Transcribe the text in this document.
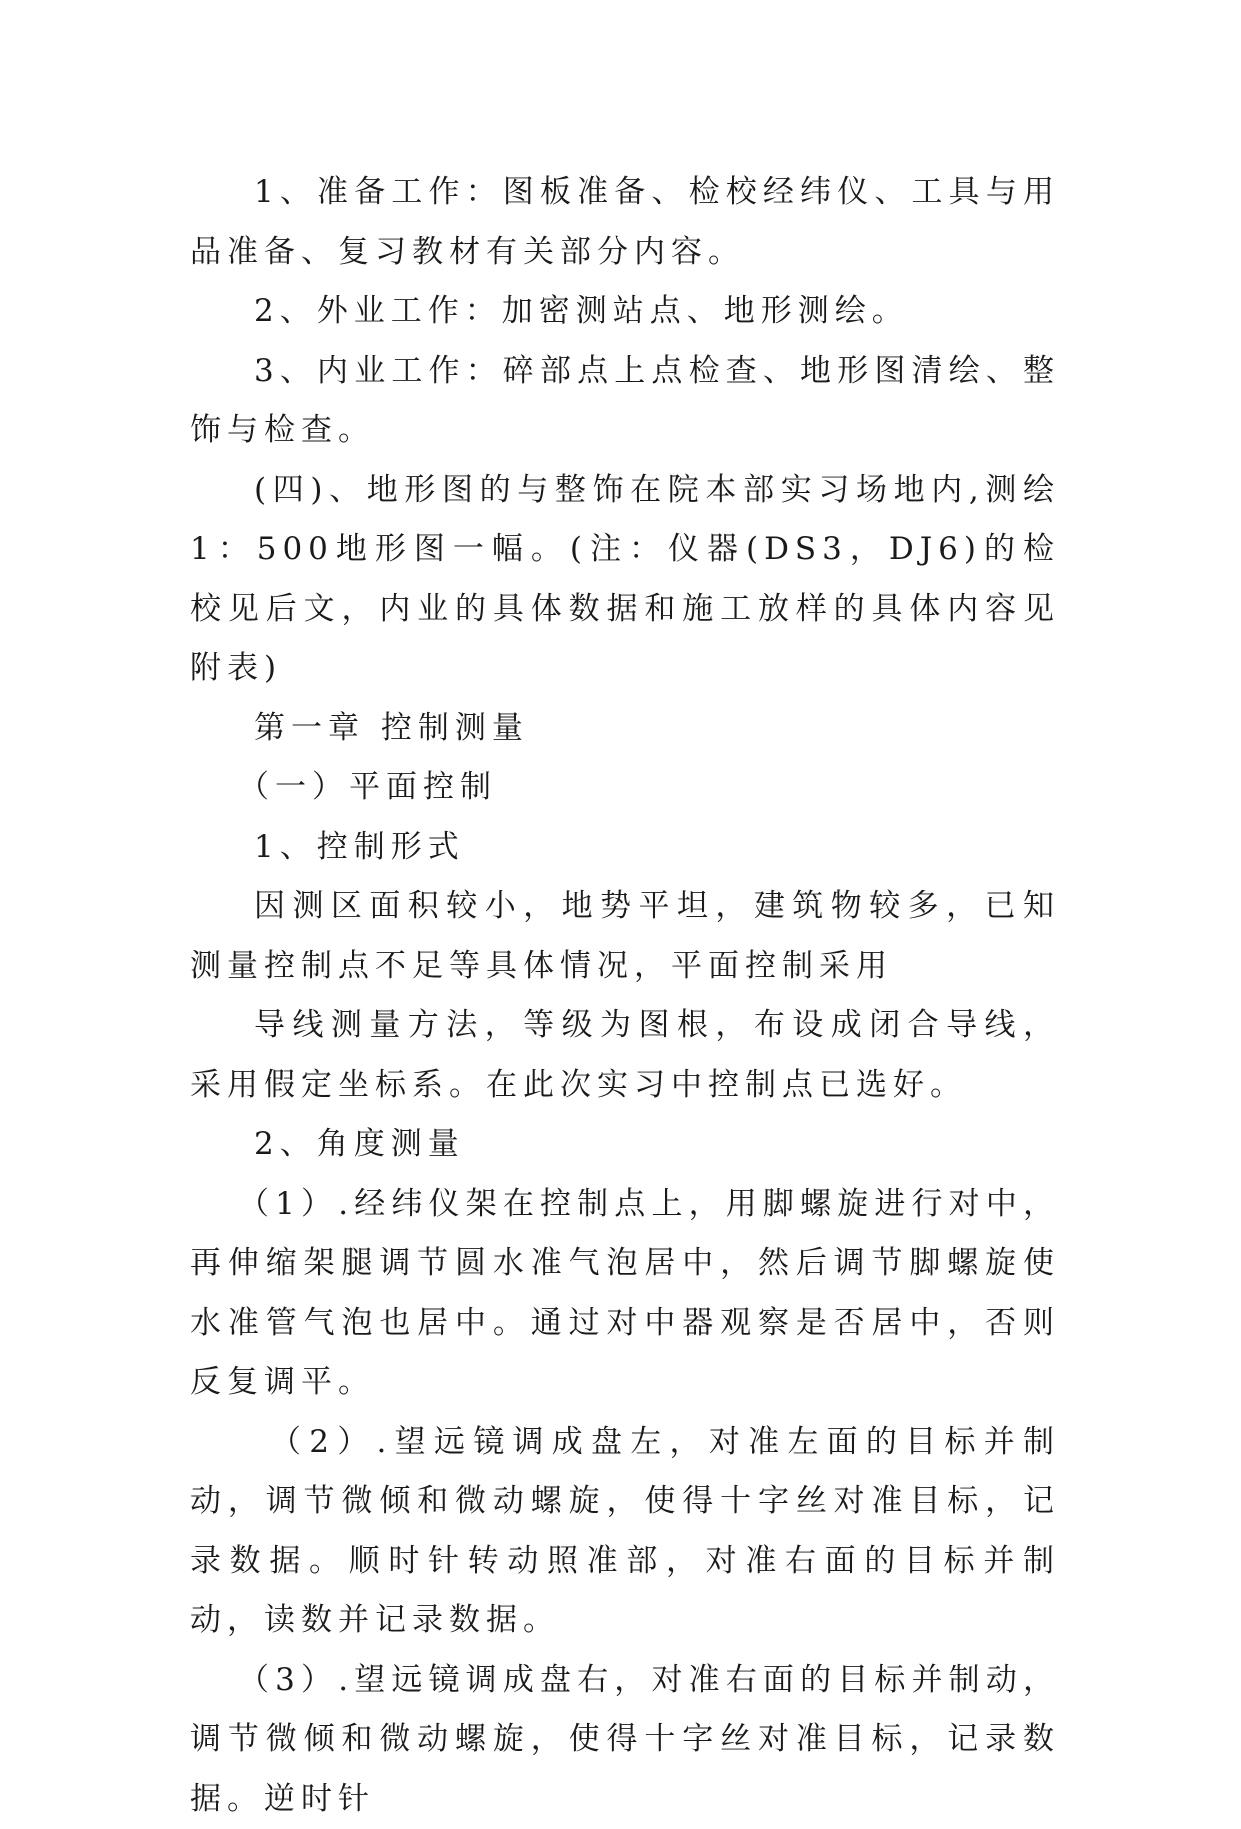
1、准备工作：图板准备、检校经纬仪、工具与用品准备、复习教材有关部分内容。

2、外业工作：加密测站点、地形测绘。

3、内业工作：碎部点上点检查、地形图清绘、整饰与检查。

(四)、地形图的与整饰在院本部实习场地内,测绘1：500地形图一幅。(注：仪器(DS3，DJ6)的检校见后文，内业的具体数据和施工放样的具体内容见附表)

第一章 控制测量

（一）平面控制

1、控制形式

因测区面积较小，地势平坦，建筑物较多，已知测量控制点不足等具体情况，平面控制采用

导线测量方法，等级为图根，布设成闭合导线，采用假定坐标系。在此次实习中控制点已选好。

2、角度测量

（1）.经纬仪架在控制点上，用脚螺旋进行对中，再伸缩架腿调节圆水准气泡居中，然后调节脚螺旋使水准管气泡也居中。通过对中器观察是否居中，否则反复调平。

（2）.望远镜调成盘左，对准左面的目标并制动，调节微倾和微动螺旋，使得十字丝对准目标，记录数据。顺时针转动照准部，对准右面的目标并制动，读数并记录数据。

（3）.望远镜调成盘右，对准右面的目标并制动，调节微倾和微动螺旋，使得十字丝对准目标，记录数据。逆时针
